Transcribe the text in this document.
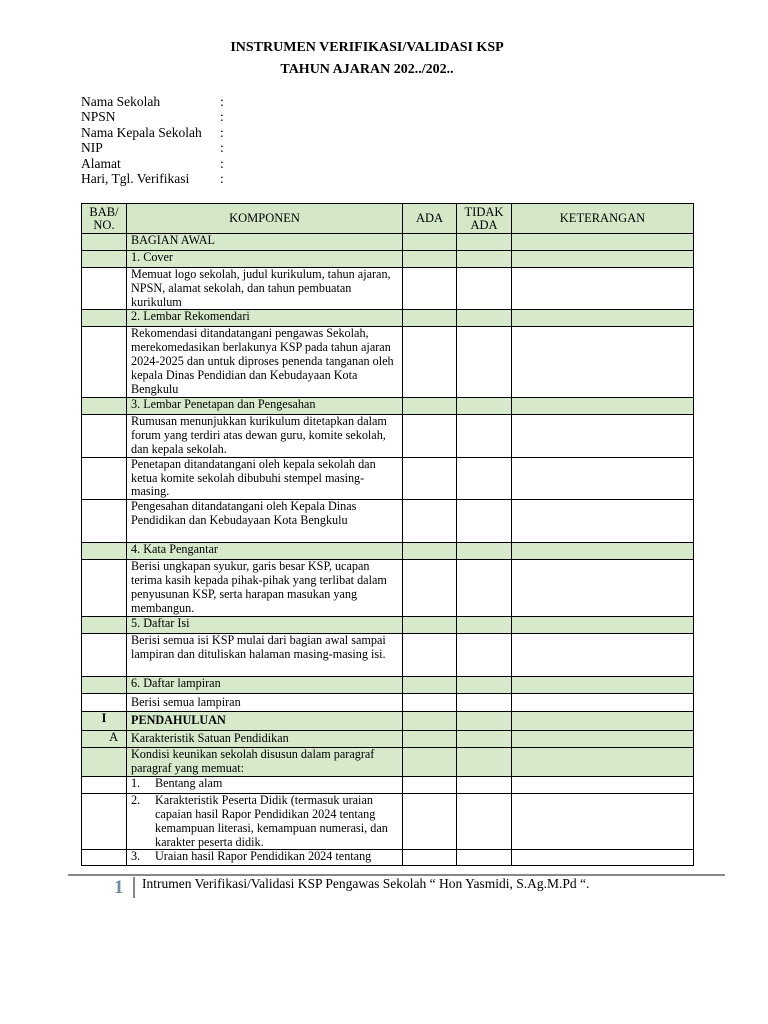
INSTRUMEN VERIFIKASI/VALIDASI KSP
TAHUN AJARAN 202../202..
Nama Sekolah	:
NPSN	:
Nama Kepala Sekolah	:
NIP	:
Alamat	:
Hari, Tgl. Verifikasi	:
BAB/ NO.	KOMPONEN	ADA	TIDAK ADA	KETERANGAN
	BAGIAN AWAL			
	1. Cover			
	Memuat logo sekolah, judul kurikulum, tahun ajaran, NPSN, alamat sekolah, dan tahun pembuatan kurikulum			
	2. Lembar Rekomendari			
	Rekomendasi ditandatangani pengawas Sekolah, merekomedasikan berlakunya KSP pada tahun ajaran 2024-2025 dan untuk diproses penenda tanganan oleh kepala Dinas Pendidian dan Kebudayaan Kota Bengkulu			
	3. Lembar Penetapan dan Pengesahan			
	Rumusan menunjukkan kurikulum ditetapkan dalam forum yang terdiri atas dewan guru, komite sekolah, dan kepala sekolah.			
	Penetapan ditandatangani oleh kepala sekolah dan ketua komite sekolah dibubuhi stempel masing-masing.			
	Pengesahan ditandatangani oleh Kepala Dinas Pendidikan dan Kebudayaan Kota Bengkulu			
	4. Kata Pengantar			
	Berisi ungkapan syukur, garis besar KSP, ucapan terima kasih kepada pihak-pihak yang terlibat dalam penyusunan KSP, serta harapan masukan yang membangun.			
	5. Daftar Isi			
	Berisi semua isi KSP mulai dari bagian awal sampai lampiran dan dituliskan halaman masing-masing isi.			
	6. Daftar lampiran			
	Berisi semua lampiran			
I	PENDAHULUAN			
A	Karakteristik Satuan Pendidikan			
	Kondisi keunikan sekolah disusun dalam paragraf paragraf yang memuat:			

	1. Bentang alam			

	2. Karakteristik Peserta Didik (termasuk uraian capaian hasil Rapor Pendidikan 2024 tentang kemampuan literasi, kemampuan numerasi, dan karakter peserta didik.			

	3. Uraian hasil Rapor Pendidikan 2024 tentang			

1 Intrumen Verifikasi/Validasi KSP Pengawas Sekolah “ Hon Yasmidi, S.Ag.M.Pd “.
